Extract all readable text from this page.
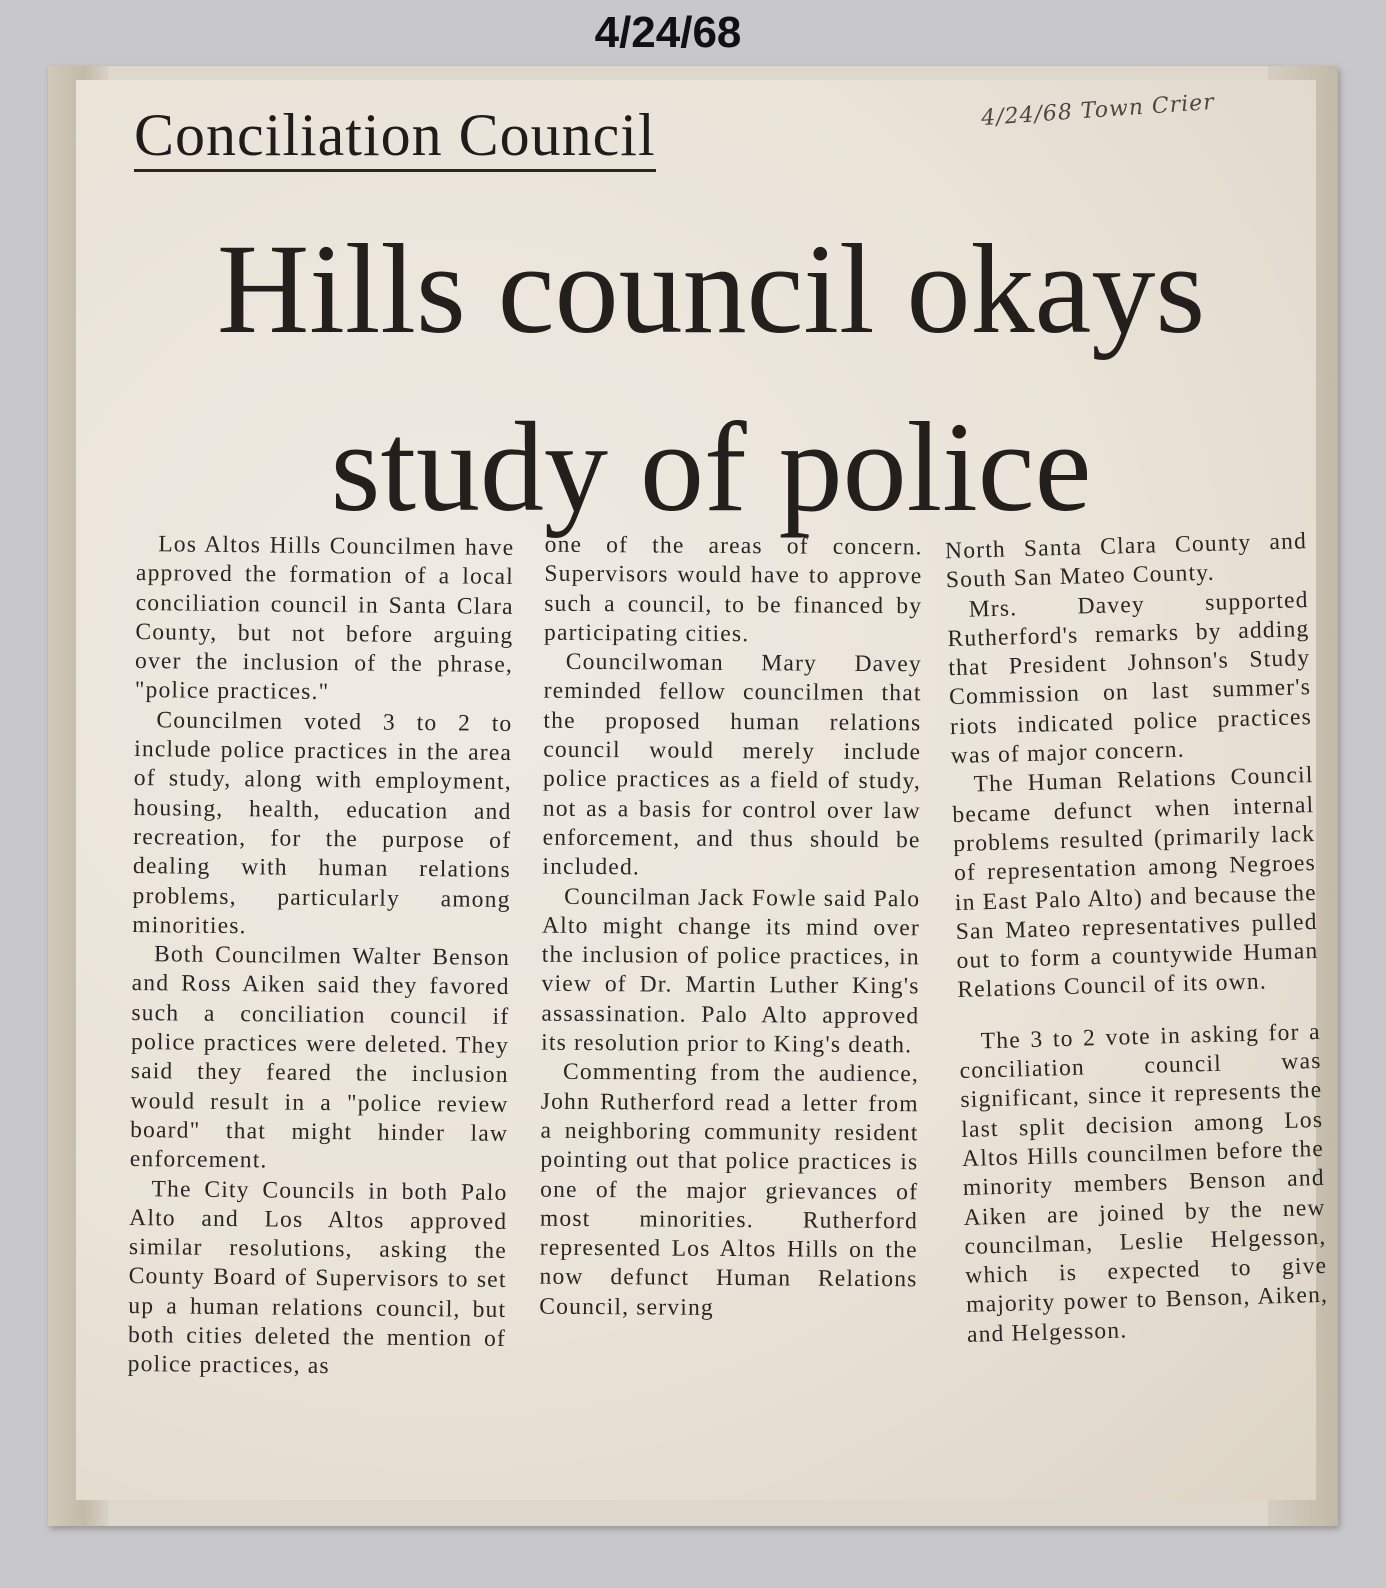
4/24/68
4/24/68 Town Crier
Conciliation Council
Hills council okays
study of police

Los Altos Hills Councilmen have approved the formation of a local conciliation council in Santa Clara County, but not before arguing over the inclusion of the phrase, "police practices."

Councilmen voted 3 to 2 to include police practices in the area of study, along with employment, housing, health, education and recreation, for the purpose of dealing with human relations problems, particularly among minorities.

Both Councilmen Walter Benson and Ross Aiken said they favored such a conciliation council if police practices were deleted. They said they feared the inclusion would result in a "police review board" that might hinder law enforcement.

The City Councils in both Palo Alto and Los Altos approved similar resolutions, asking the County Board of Supervisors to set up a human relations council, but both cities deleted the mention of police practices, as

one of the areas of concern. Supervisors would have to approve such a council, to be financed by participating cities.

Councilwoman Mary Davey reminded fellow councilmen that the proposed human relations council would merely include police practices as a field of study, not as a basis for control over law enforcement, and thus should be included.

Councilman Jack Fowle said Palo Alto might change its mind over the inclusion of police practices, in view of Dr. Martin Luther King's assassination. Palo Alto approved its resolution prior to King's death.

Commenting from the audience, John Rutherford read a letter from a neighboring community resident pointing out that police practices is one of the major grievances of most minorities. Rutherford represented Los Altos Hills on the now defunct Human Relations Council, serving

North Santa Clara County and South San Mateo County.

Mrs. Davey supported Rutherford's remarks by adding that President Johnson's Study Commission on last summer's riots indicated police practices was of major concern.

The Human Relations Council became defunct when internal problems resulted (primarily lack of representation among Negroes in East Palo Alto) and because the San Mateo representatives pulled out to form a countywide Human Relations Council of its own.

The 3 to 2 vote in asking for a conciliation council was significant, since it represents the last split decision among Los Altos Hills councilmen before the minority members Benson and Aiken are joined by the new councilman, Leslie Helgesson, which is expected to give majority power to Benson, Aiken, and Helgesson.
